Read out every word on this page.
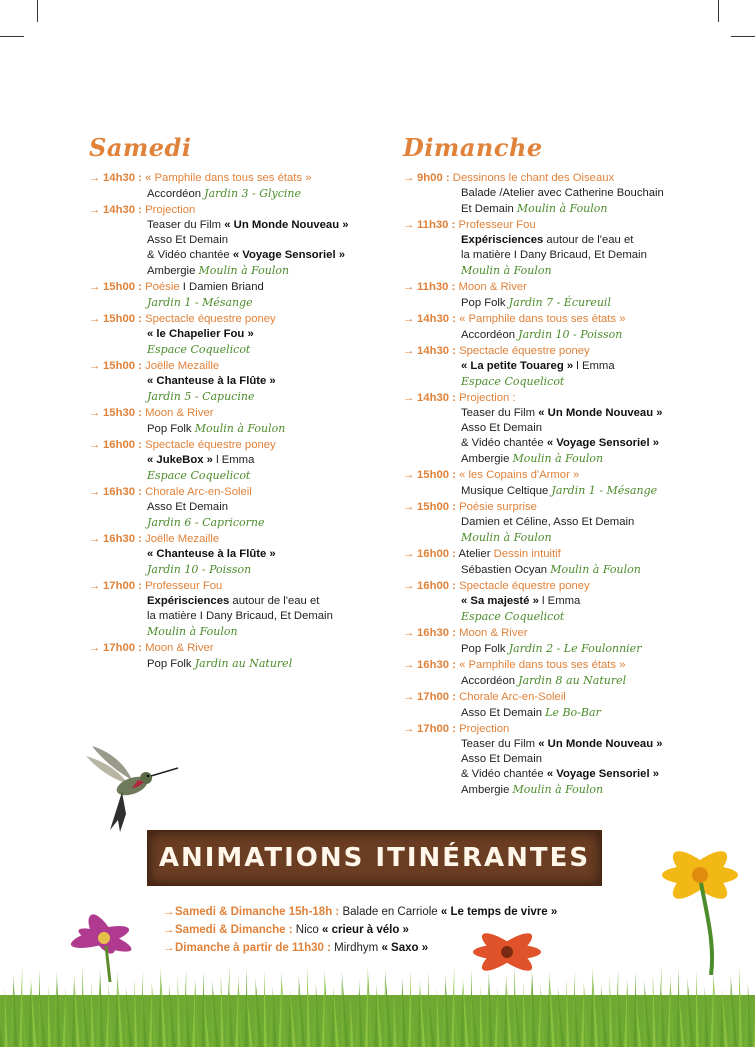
Samedi
→ 14h30 : « Pamphile dans tous ses états »
Accordéon Jardin 3 - Glycine
→ 14h30 : Projection
Teaser du Film « Un Monde Nouveau »
Asso Et Demain
& Vidéo chantée « Voyage Sensoriel »
Ambergie Moulin à Foulon
→ 15h00 : Poésie I Damien Briand
Jardin 1 - Mésange
→ 15h00 : Spectacle équestre poney
« le Chapelier Fou »
Espace Coquelicot
→ 15h00 : Joëlle Mezaille
« Chanteuse à la Flûte »
Jardin 5 - Capucine
→ 15h30 : Moon & River
Pop Folk Moulin à Foulon
→ 16h00 : Spectacle équestre poney
« JukeBox » l Emma
Espace Coquelicot
→ 16h30 : Chorale Arc-en-Soleil
Asso Et Demain
Jardin 6 - Capricorne
→ 16h30 : Joëlle Mezaille
« Chanteuse à la Flûte »
Jardin 10 - Poisson
→ 17h00 : Professeur Fou
Expérisciences autour de l'eau et
la matière I Dany Bricaud, Et Demain
Moulin à Foulon
→ 17h00 : Moon & River
Pop Folk Jardin au Naturel
Dimanche
→ 9h00 : Dessinons le chant des Oiseaux
Balade /Atelier avec Catherine Bouchain
Et Demain Moulin à Foulon
→ 11h30 : Professeur Fou
Expérisciences autour de l'eau et
la matière I Dany Bricaud, Et Demain
Moulin à Foulon
→ 11h30 : Moon & River
Pop Folk Jardin 7 - Écureuil
→ 14h30 : « Pamphile dans tous ses états »
Accordéon Jardin 10 - Poisson
→ 14h30 : Spectacle équestre poney
« La petite Touareg » l Emma
Espace Coquelicot
→ 14h30 : Projection :
Teaser du Film « Un Monde Nouveau »
Asso Et Demain
& Vidéo chantée « Voyage Sensoriel »
Ambergie Moulin à Foulon
→ 15h00 : « les Copains d'Armor »
Musique Celtique Jardin 1 - Mésange
→ 15h00 : Poésie surprise
Damien et Céline, Asso Et Demain
Moulin à Foulon
→ 16h00 : Atelier Dessin intuitif
Sébastien Ocyan Moulin à Foulon
→ 16h00 : Spectacle équestre poney
« Sa majesté » l Emma
Espace Coquelicot
→ 16h30 : Moon & River
Pop Folk Jardin 2 - Le Foulonnier
→ 16h30 : « Pamphile dans tous ses états »
Accordéon Jardin 8 au Naturel
→ 17h00 : Chorale Arc-en-Soleil
Asso Et Demain Le Bo-Bar
→ 17h00 : Projection
Teaser du Film « Un Monde Nouveau »
Asso Et Demain
& Vidéo chantée « Voyage Sensoriel »
Ambergie Moulin à Foulon
ANIMATIONS ITINÉRANTES
→Samedi & Dimanche 15h-18h : Balade en Carriole « Le temps de vivre »
→Samedi & Dimanche : Nico « crieur à vélo »
→Dimanche à partir de 11h30 : Mirdhym « Saxo »
